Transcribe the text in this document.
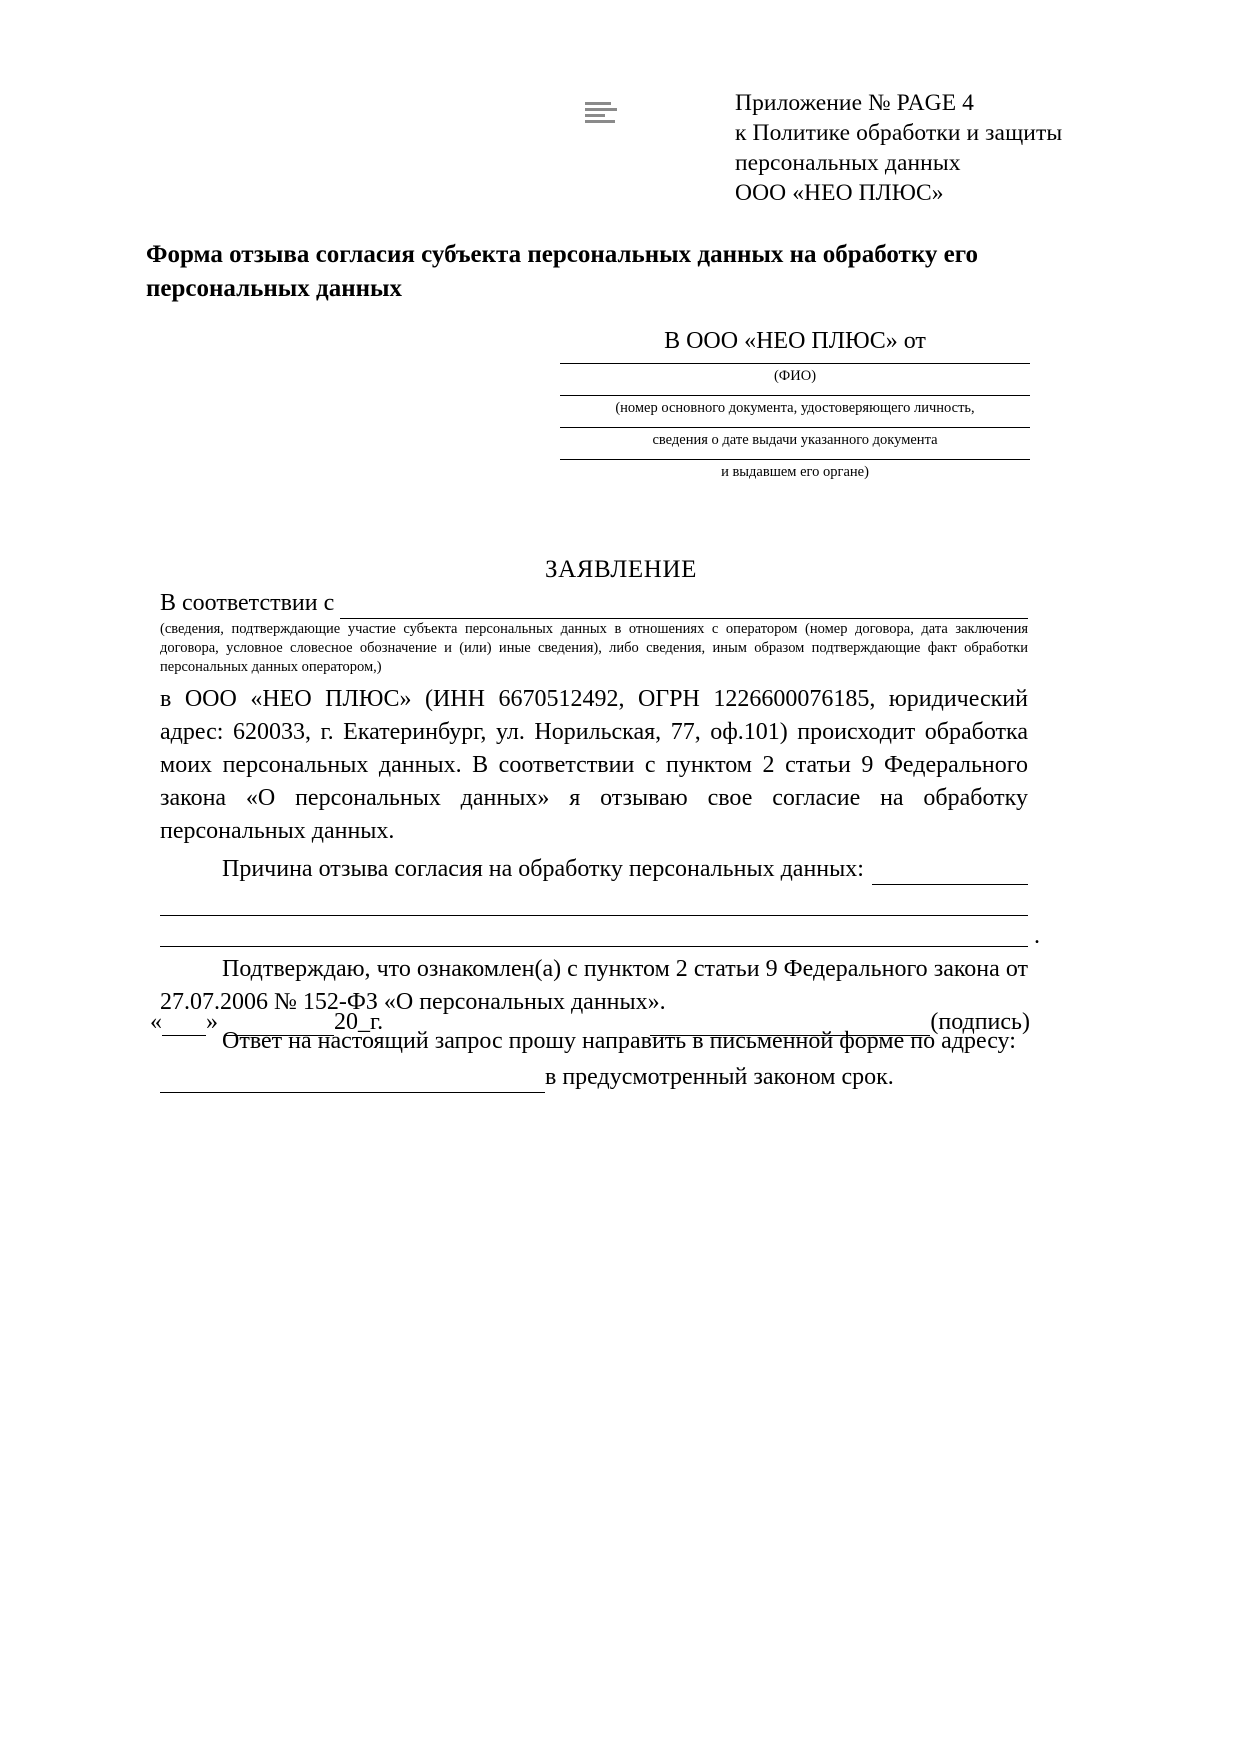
Приложение № PAGE 4
к Политике обработки и защиты
персональных данных
ООО «НЕО ПЛЮС»
Форма отзыва согласия субъекта персональных данных на обработку его персональных данных
В ООО «НЕО ПЛЮС» от
(ФИО)
(номер основного документа, удостоверяющего личность,
сведения о дате выдачи указанного документа
и выдавшем его органе)
ЗАЯВЛЕНИЕ
В соответствии с
(сведения, подтверждающие участие субъекта персональных данных в отношениях с оператором (номер договора, дата заключения договора, условное словесное обозначение и (или) иные сведения), либо сведения, иным образом подтверждающие факт обработки персональных данных оператором,)
в ООО «НЕО ПЛЮС» (ИНН 6670512492, ОГРН 1226600076185, юридический адрес: 620033, г. Екатеринбург, ул. Норильская, 77, оф.101) происходит обработка моих персональных данных. В соответствии с пунктом 2 статьи 9 Федерального закона «О персональных данных» я отзываю свое согласие на обработку персональных данных.
Причина отзыва согласия на обработку персональных данных:
.
Подтверждаю, что ознакомлен(а) с пунктом 2 статьи 9 Федерального закона от 27.07.2006 № 152-ФЗ «О персональных данных».
Ответ на настоящий запрос прошу направить в письменной форме по адресу:
в предусмотренный законом срок.
« »	20_г.	(подпись)
